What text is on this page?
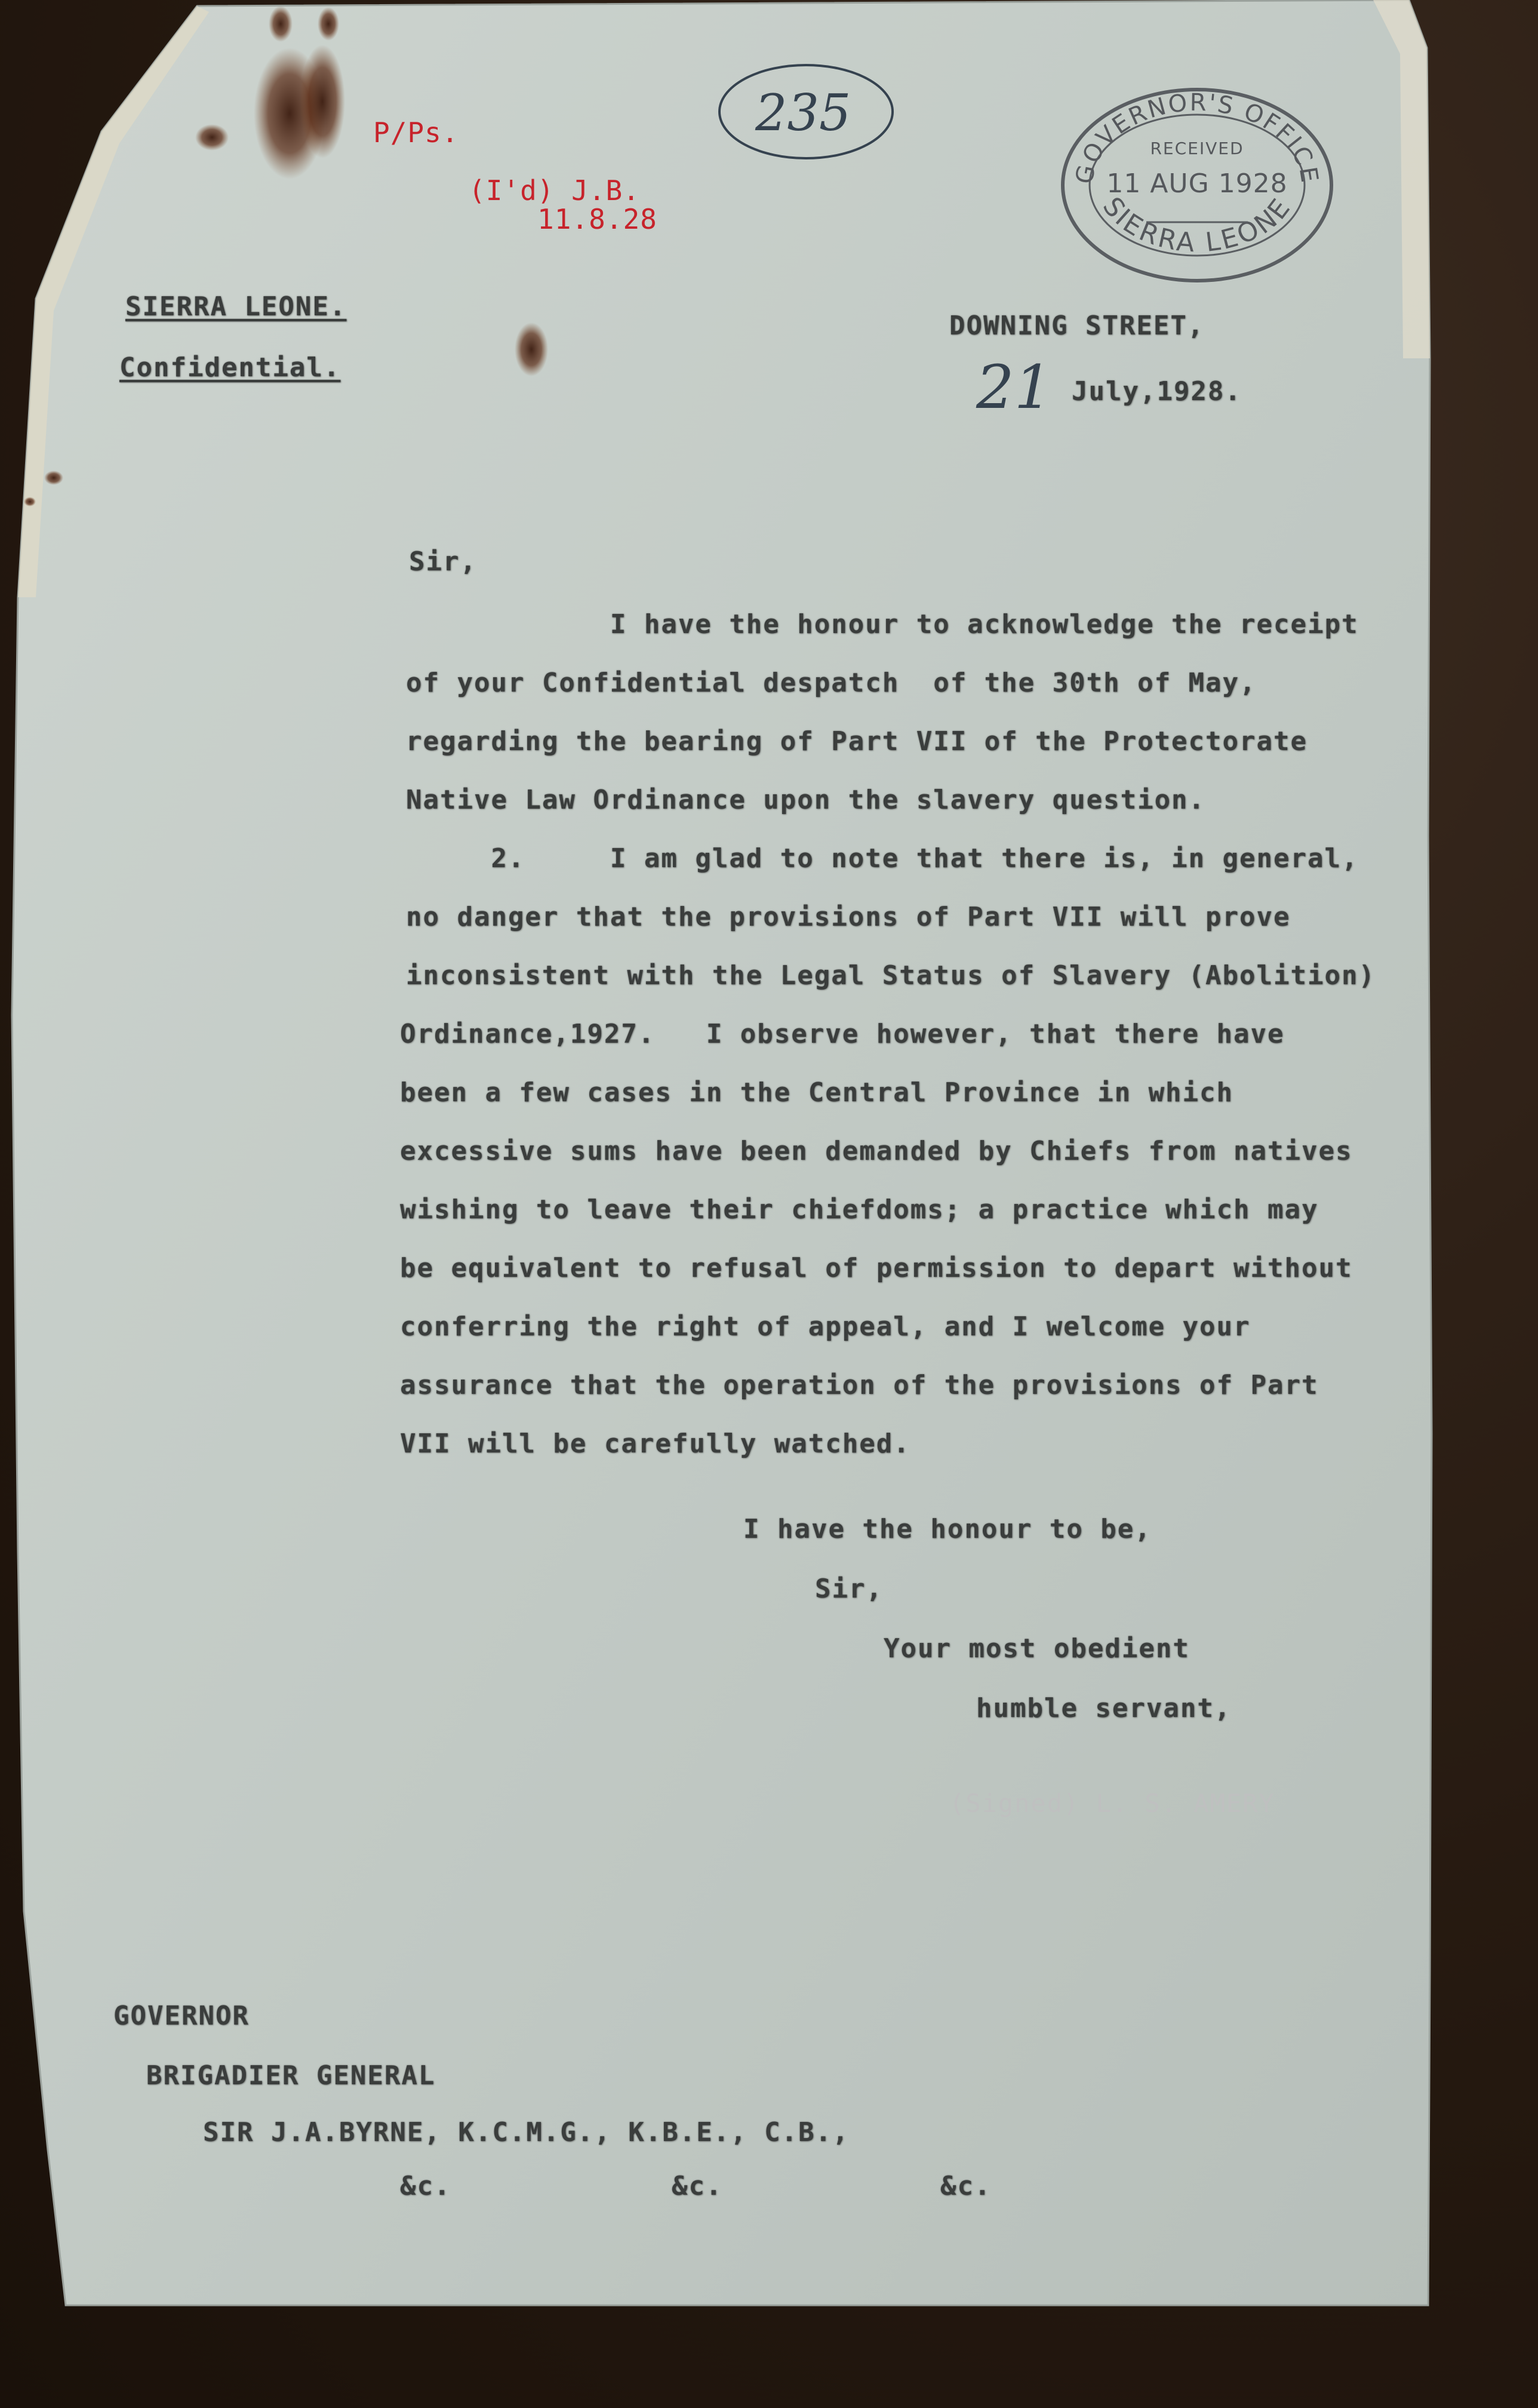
P/Ps.
(I'd) J.B.
11.8.28
235
GOVERNOR'S OFFICE
SIERRA LEONE
RECEIVED
11 AUG 1928
SIERRA LEONE.
Confidential.
DOWNING STREET,
21 July,1928.
Sir,

I have the honour to acknowledge the receipt

of your Confidential despatch  of the 30th of May,

regarding the bearing of Part VII of the Protectorate

Native Law Ordinance upon the slavery question.

2.     I am glad to note that there is, in general,

no danger that the provisions of Part VII will prove

inconsistent with the Legal Status of Slavery (Abolition)

Ordinance,1927.   I observe however, that there have

been a few cases in the Central Province in which

excessive sums have been demanded by Chiefs from natives

wishing to leave their chiefdoms; a practice which may

be equivalent to refusal of permission to depart without

conferring the right of appeal, and I welcome your

assurance that the operation of the provisions of Part

VII will be carefully watched.

I have the honour to be,
Sir,
Your most obedient
humble servant,
(Signed) L. S. AMERY
GOVERNOR
BRIGADIER GENERAL
SIR J.A.BYRNE, K.C.M.G., K.B.E., C.B.,
&c.	&c.	&c.
